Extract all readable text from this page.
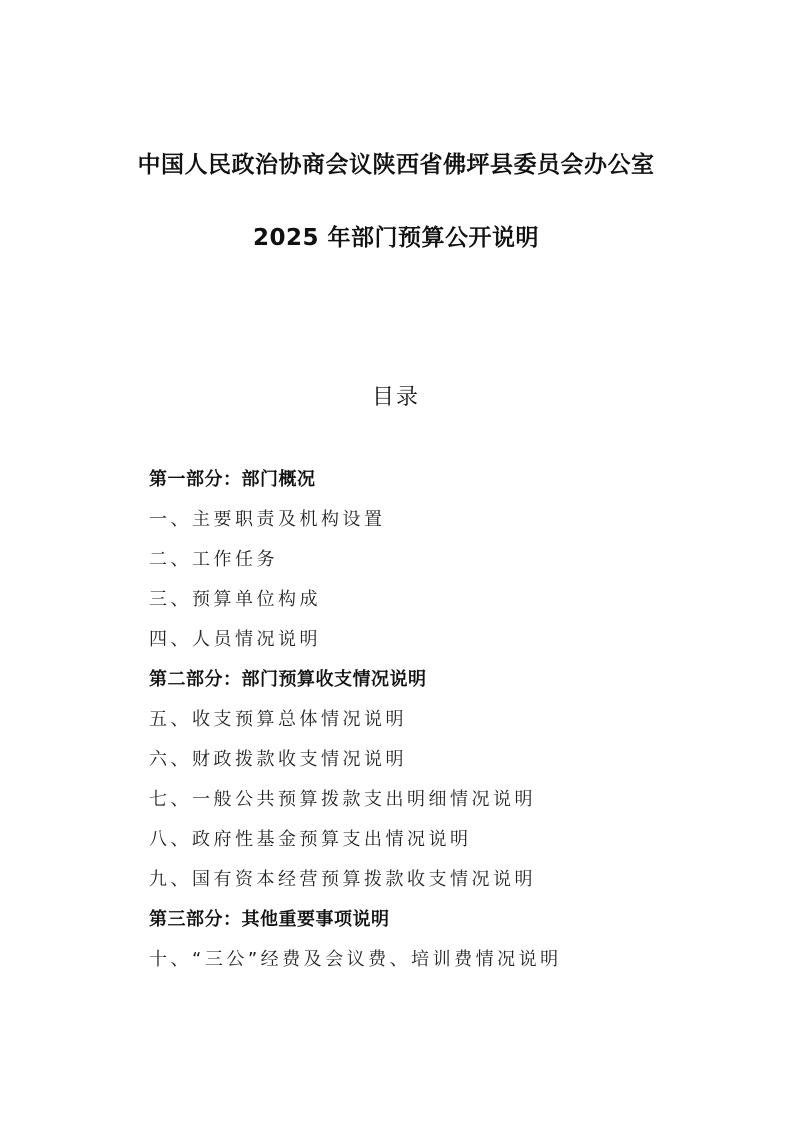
中国人民政治协商会议陕西省佛坪县委员会办公室
2025 年部门预算公开说明
目录
第一部分：部门概况
一、主要职责及机构设置
二、工作任务
三、预算单位构成
四、人员情况说明
第二部分：部门预算收支情况说明
五、收支预算总体情况说明
六、财政拨款收支情况说明
七、一般公共预算拨款支出明细情况说明
八、政府性基金预算支出情况说明
九、国有资本经营预算拨款收支情况说明
第三部分：其他重要事项说明
十、“三公”经费及会议费、培训费情况说明
